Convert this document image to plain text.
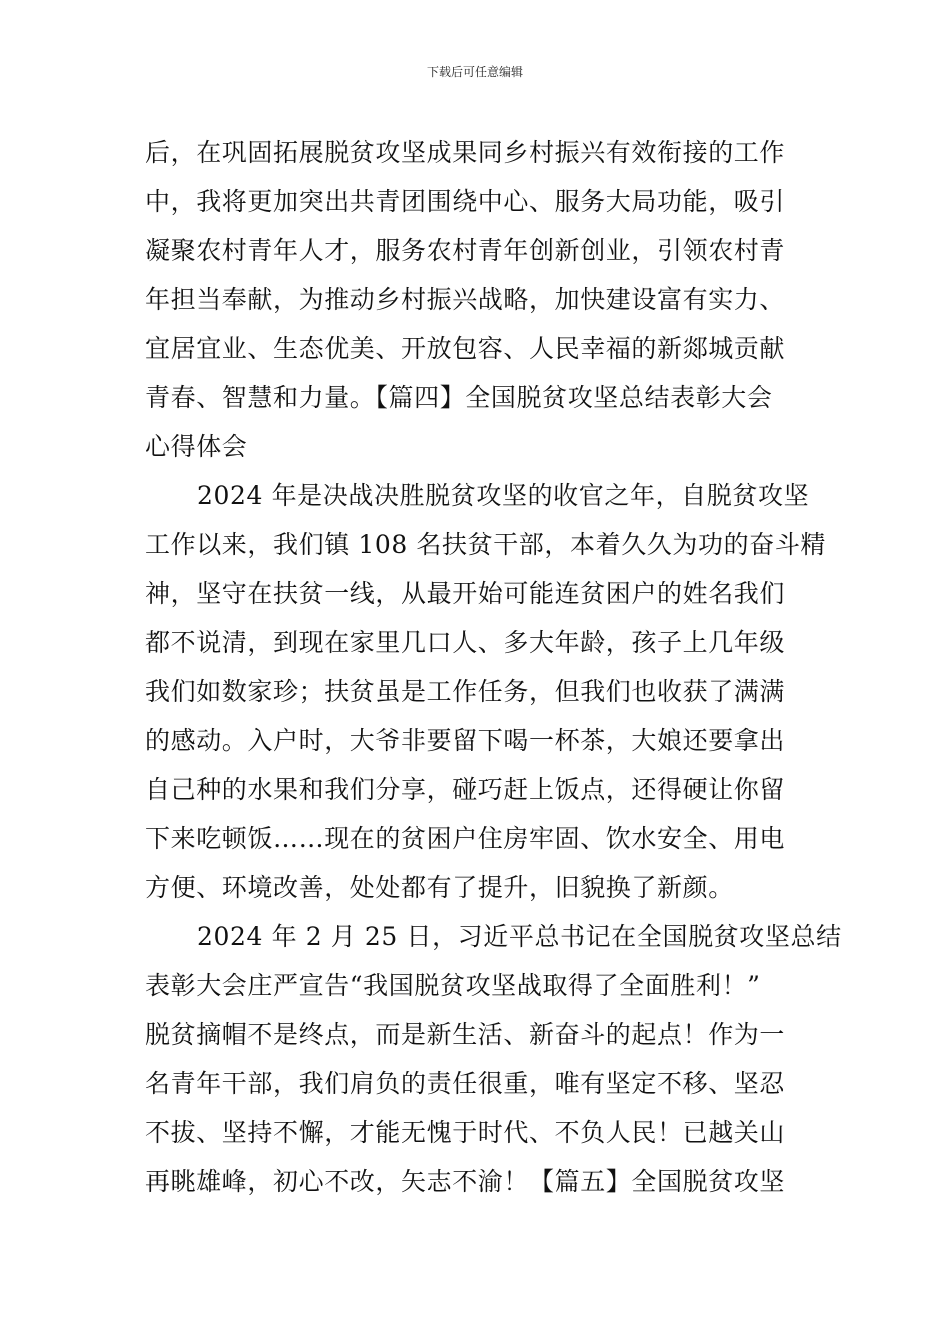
下载后可任意编辑
后，在巩固拓展脱贫攻坚成果同乡村振兴有效衔接的工作
中，我将更加突出共青团围绕中心、服务大局功能，吸引
凝聚农村青年人才，服务农村青年创新创业，引领农村青
年担当奉献，为推动乡村振兴战略，加快建设富有实力、
宜居宜业、生态优美、开放包容、人民幸福的新郯城贡献
青春、智慧和力量。【篇四】全国脱贫攻坚总结表彰大会
心得体会
2024 年是决战决胜脱贫攻坚的收官之年，自脱贫攻坚
工作以来，我们镇 108 名扶贫干部，本着久久为功的奋斗精
神，坚守在扶贫一线，从最开始可能连贫困户的姓名我们
都不说清，到现在家里几口人、多大年龄，孩子上几年级
我们如数家珍；扶贫虽是工作任务，但我们也收获了满满
的感动。入户时，大爷非要留下喝一杯茶，大娘还要拿出
自己种的水果和我们分享，碰巧赶上饭点，还得硬让你留
下来吃顿饭……现在的贫困户住房牢固、饮水安全、用电
方便、环境改善，处处都有了提升，旧貌换了新颜。
2024 年 2 月 25 日，习近平总书记在全国脱贫攻坚总结
表彰大会庄严宣告“我国脱贫攻坚战取得了全面胜利！”
脱贫摘帽不是终点，而是新生活、新奋斗的起点！作为一
名青年干部，我们肩负的责任很重，唯有坚定不移、坚忍
不拔、坚持不懈，才能无愧于时代、不负人民！已越关山
再眺雄峰，初心不改，矢志不渝！【篇五】全国脱贫攻坚
